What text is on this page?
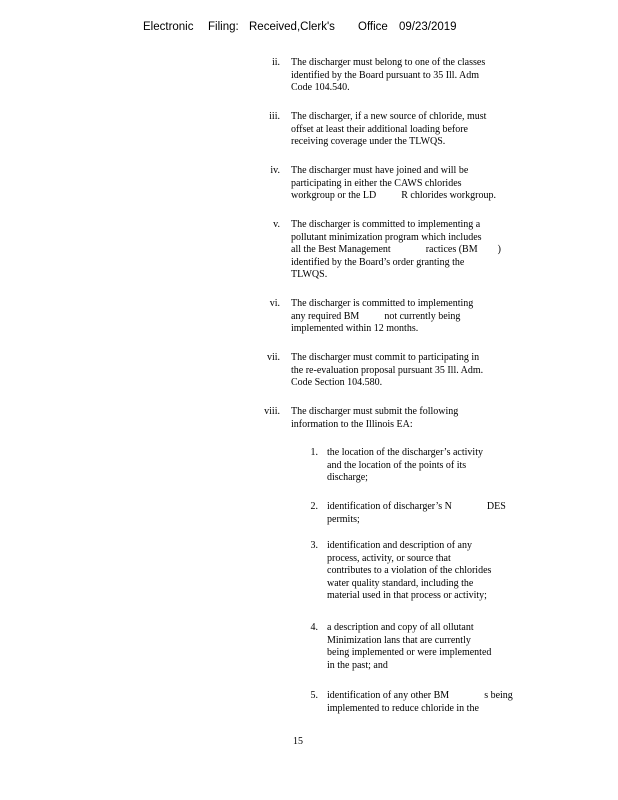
Electronic Filing: Received,Clerk's Office 09/23/2019
ii. The discharger must belong to one of the classes
identified by the Board pursuant to 35 Ill. Adm
Code 104.540.
iii. The discharger, if a new source of chloride, must
offset at least their additional loading before
receiving coverage under the TLWQS.
iv. The discharger must have joined and will be
participating in either the CAWS chlorides
workgroup or the LD          R chlorides workgroup.
v. The discharger is committed to implementing a
pollutant minimization program which includes
all the Best Management              ractices (BM        )
identified by the Board’s order granting the
TLWQS.
vi. The discharger is committed to implementing
any required BM          not currently being
implemented within 12 months.
vii. The discharger must commit to participating in
the re-evaluation proposal pursuant 35 Ill. Adm.
Code Section 104.580.
viii. The discharger must submit the following
information to the Illinois EA:
1. the location of the discharger’s activity
and the location of the points of its
discharge;
2. identification of discharger’s N              DES
permits;
3. identification and description of any
process, activity, or source that
contributes to a violation of the chlorides
water quality standard, including the
material used in that process or activity;
4. a description and copy of all ollutant
Minimization lans that are currently
being implemented or were implemented
in the past; and
5. identification of any other BM              s being
implemented to reduce chloride in the
15
